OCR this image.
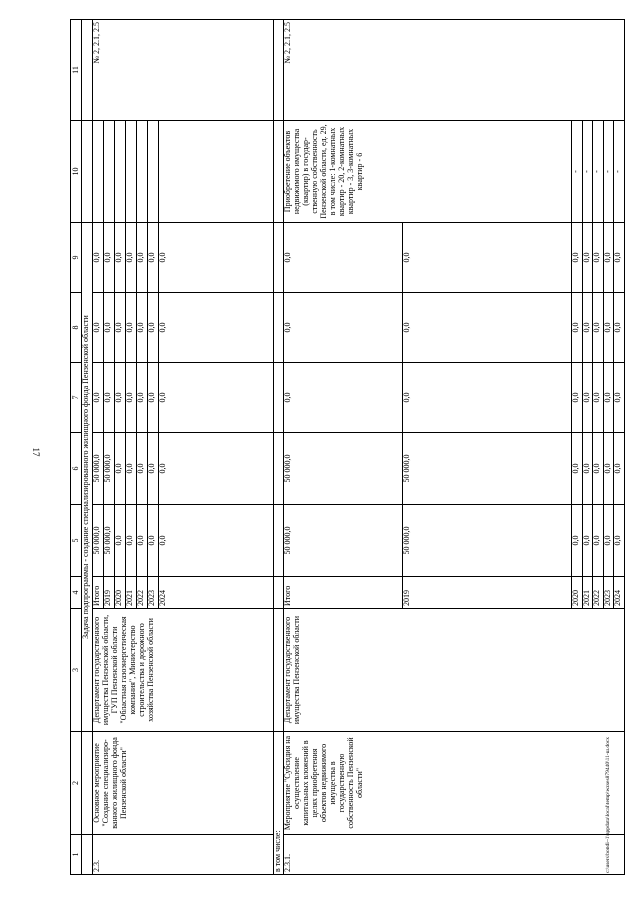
17
c:\users\bondi~1\appdata\local\temp\wzses879440\11-ш.docx
1	2	3	4	5	6	7	8	9	10	11
		Задача подпрограммы - создание специализированного жилищного фонда Пензенской области								
2.3.	Основное мероприятие "Создание специализиро-ванного жилищного фонда Пензенской области"	Департамент государственного имущества Пензенской области, ГУП Пензенской области "Областная газоэнергетическая компания", Министерство строительства и дорожного хозяйства Пензенской области	Итого	50 000,0	50 000,0	0,0	0,0	0,0		№ 2, 2.1, 2.5
			2019	50 000,0	50 000,0	0,0	0,0	0,0		
			2020	0,0	0,0	0,0	0,0	0,0		
			2021	0,0	0,0	0,0	0,0	0,0		
			2022	0,0	0,0	0,0	0,0	0,0		
			2023	0,0	0,0	0,0	0,0	0,0		
			2024	0,0	0,0	0,0	0,0	0,0		
в том числе:										
2.3.1.	Мероприятие "Субсидия на осуществление капитальных вложений в целях приобретения объектов недвижимого имущества в государственную собственность Пензенской области"	Департамент государственного имущества Пензенской области	Итого	50 000,0	50 000,0	0,0	0,0	0,0	Приобретение объектов недвижимого имущества (квартир) в государ-ственную собственность Пензенской области, ед. 29, в том числе: 1-комнатных квартир - 20, 2-комнатных квартир - 3, 3-комнатных квартир - 6	№ 2, 2.1, 2.5
			2019	50 000,0	50 000,0	0,0	0,0	0,0		
			2020	0,0	0,0	0,0	0,0	0,0	-	
			2021	0,0	0,0	0,0	0,0	0,0	-	
			2022	0,0	0,0	0,0	0,0	0,0	-	
			2023	0,0	0,0	0,0	0,0	0,0	-	
			2024	0,0	0,0	0,0	0,0	0,0	-	
